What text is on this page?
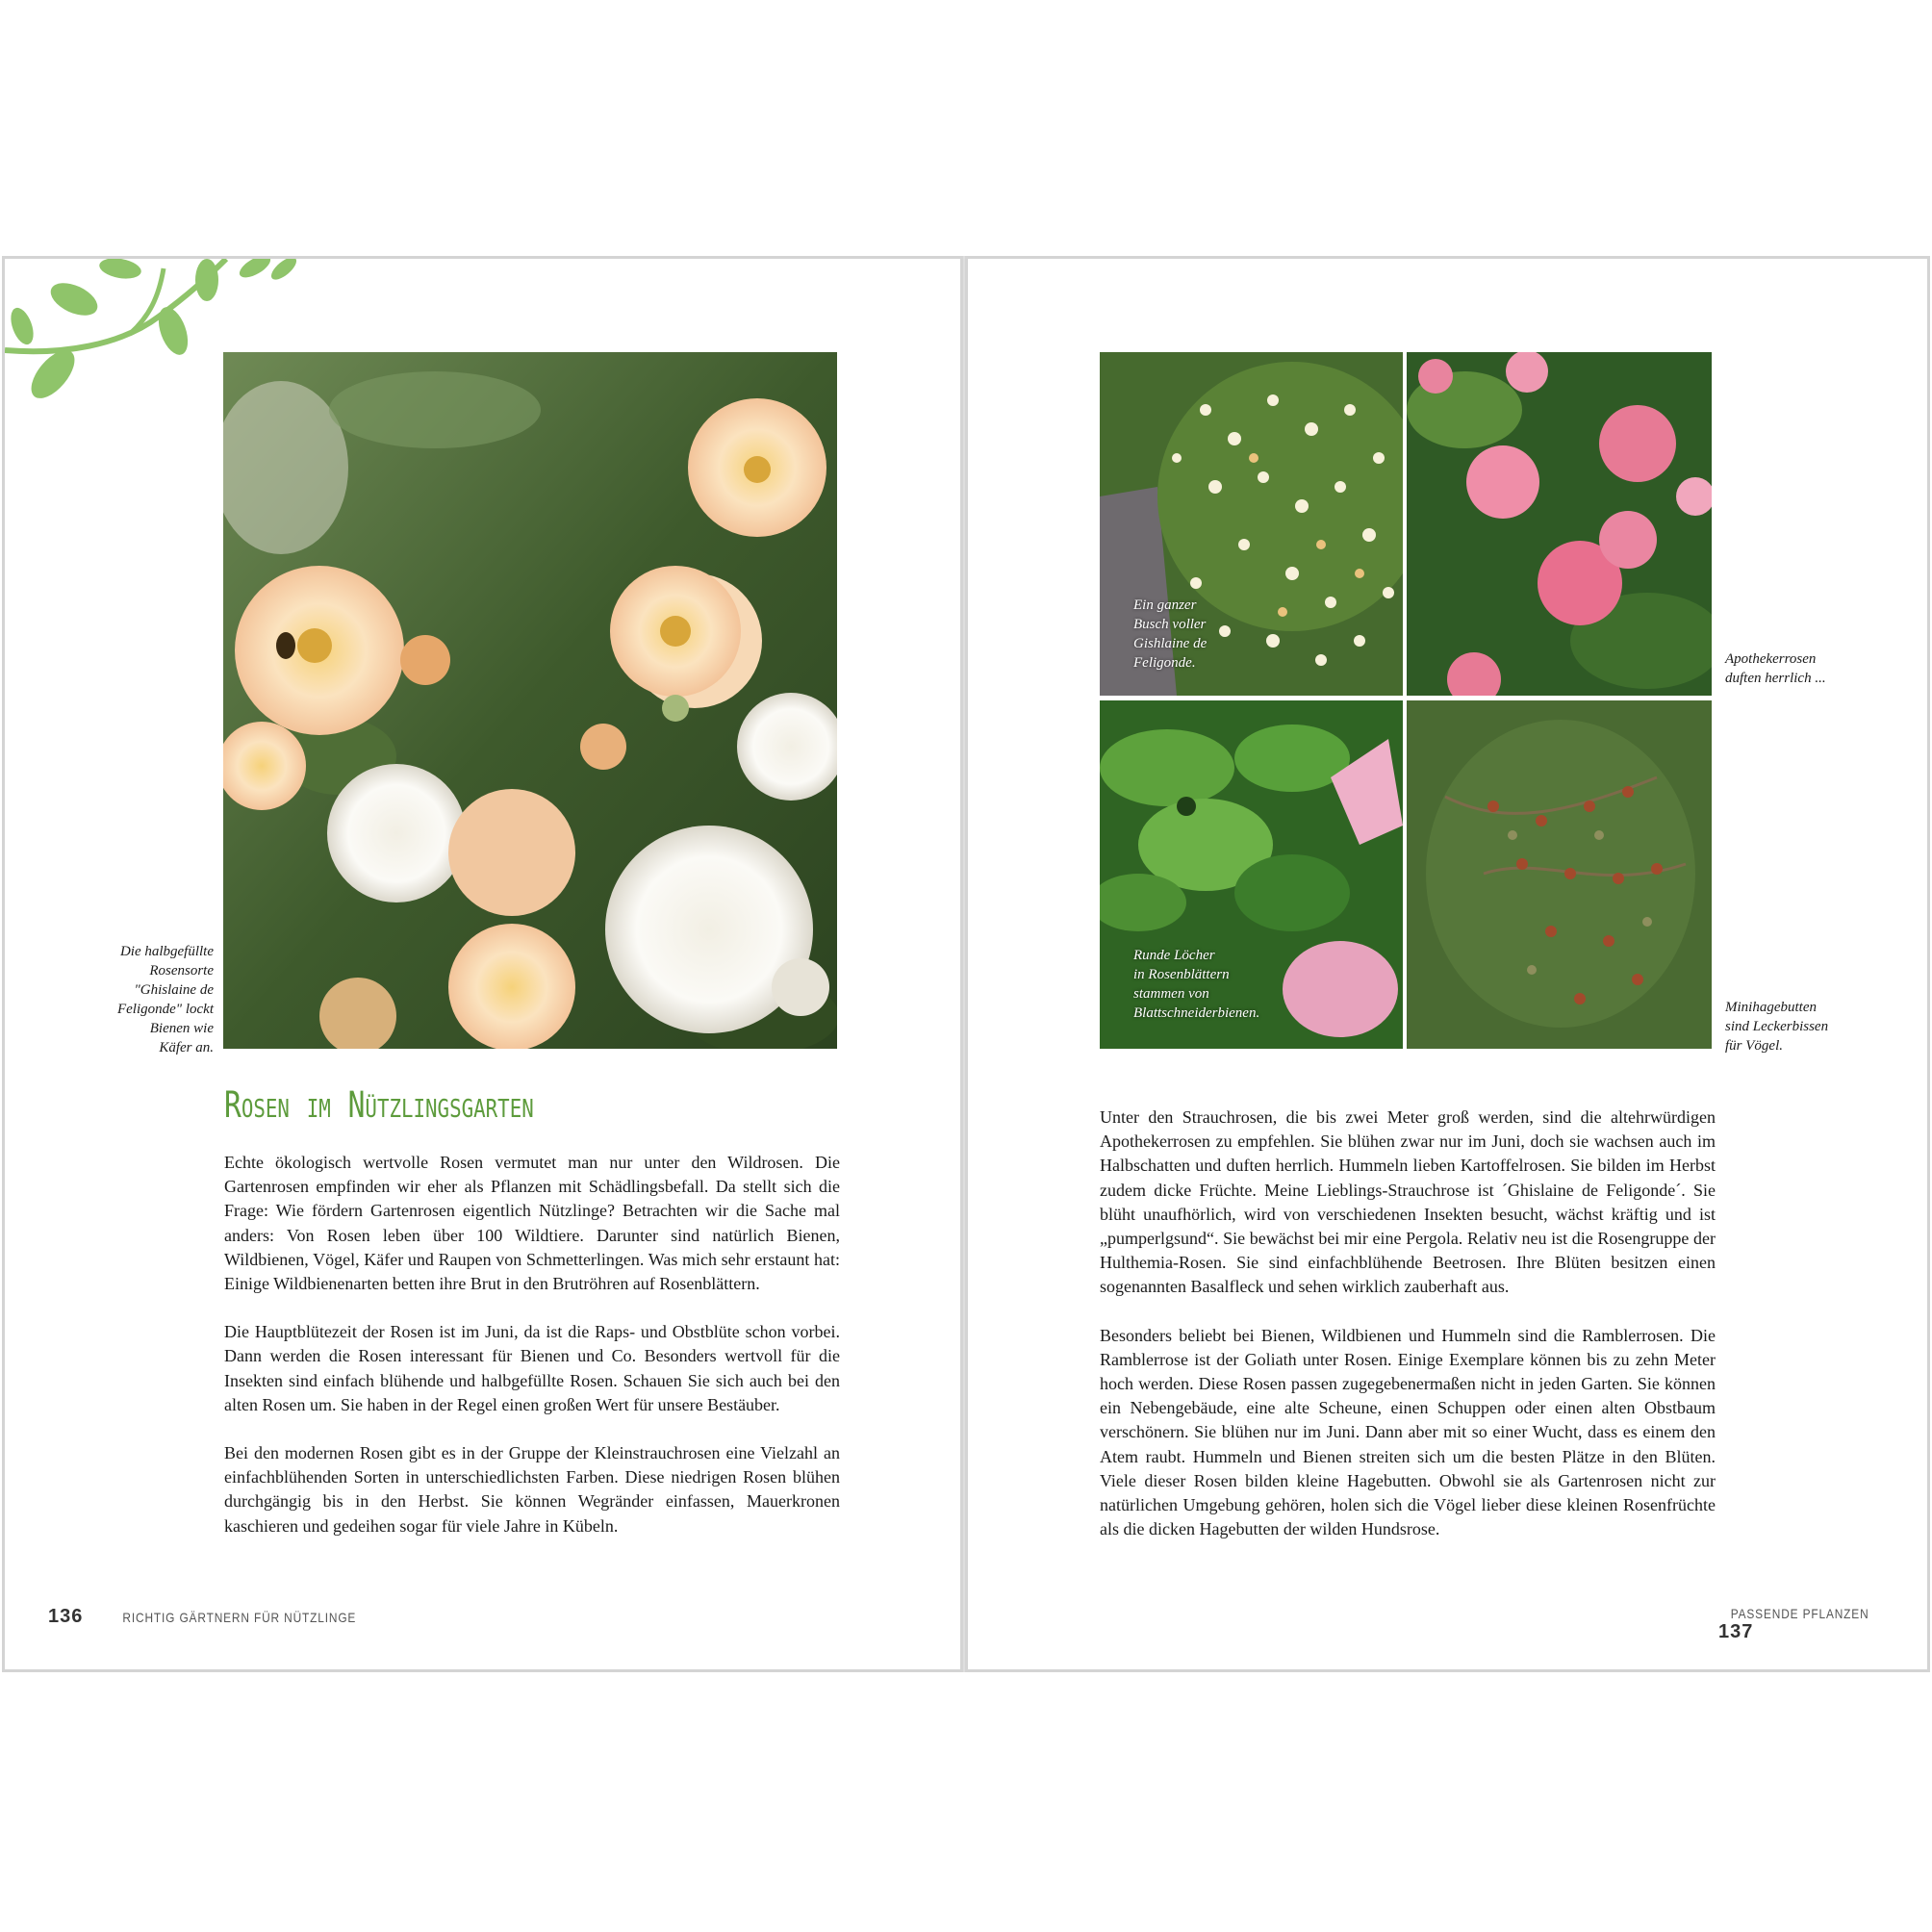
Die halbgefüllte
Rosensorte
"Ghislaine de
Feligonde" lockt
Bienen wie
Käfer an.
Rosen im Nützlingsgarten

Echte ökologisch wertvolle Rosen vermutet man nur unter den Wildrosen. Die Gartenrosen empfinden wir eher als Pflanzen mit Schädlingsbefall. Da stellt sich die Frage: Wie fördern Gartenrosen eigentlich Nützlinge? Betrachten wir die Sache mal anders: Von Rosen leben über 100 Wildtiere. Darunter sind natürlich Bienen, Wildbienen, Vögel, Käfer und Raupen von Schmetterlingen. Was mich sehr erstaunt hat: Einige Wildbienenarten betten ihre Brut in den Brutröhren auf Rosenblättern.

Die Hauptblütezeit der Rosen ist im Juni, da ist die Raps- und Obstblüte schon vorbei. Dann werden die Rosen interessant für Bienen und Co. Besonders wertvoll für die Insekten sind einfach blühende und halbgefüllte Rosen. Schauen Sie sich auch bei den alten Rosen um. Sie haben in der Regel einen großen Wert für unsere Bestäuber.

Bei den modernen Rosen gibt es in der Gruppe der Kleinstrauchrosen eine Vielzahl an einfachblühenden Sorten in unterschiedlichsten Farben. Diese niedrigen Rosen blühen durchgängig bis in den Herbst. Sie können Wegränder einfassen, Mauerkronen kaschieren und gedeihen sogar für viele Jahre in Kübeln.

136	RICHTIG GÄRTNERN FÜR NÜTZLINGE
Ein ganzer
Busch voller
Gishlaine de
Feligonde.	Apothekerrosen
duften herrlich ...
Runde Löcher
in Rosenblättern
stammen von
Blattschneiderbienen.	Minihagebutten
sind Leckerbissen
für Vögel.

Unter den Strauchrosen, die bis zwei Meter groß werden, sind die altehrwürdigen Apothekerrosen zu empfehlen. Sie blühen zwar nur im Juni, doch sie wachsen auch im Halbschatten und duften herrlich. Hummeln lieben Kartoffelrosen. Sie bilden im Herbst zudem dicke Früchte. Meine Lieblings-Strauchrose ist ´Ghislaine de Feligonde´. Sie blüht unaufhörlich, wird von verschiedenen Insekten besucht, wächst kräftig und ist „pumperlgsund“. Sie bewächst bei mir eine Pergola. Relativ neu ist die Rosengruppe der Hulthemia-Rosen. Sie sind einfachblühende Beetrosen. Ihre Blüten besitzen einen sogenannten Basalfleck und sehen wirklich zauberhaft aus.

Besonders beliebt bei Bienen, Wildbienen und Hummeln sind die Ramblerrosen. Die Ramblerrose ist der Goliath unter Rosen. Einige Exemplare können bis zu zehn Meter hoch werden. Diese Rosen passen zugegebenermaßen nicht in jeden Garten. Sie können ein Nebengebäude, eine alte Scheune, einen Schuppen oder einen alten Obstbaum verschönern. Sie blühen nur im Juni. Dann aber mit so einer Wucht, dass es einem den Atem raubt. Hummeln und Bienen streiten sich um die besten Plätze in den Blüten. Viele dieser Rosen bilden kleine Hagebutten. Obwohl sie als Gartenrosen nicht zur natürlichen Umgebung gehören, holen sich die Vögel lieber diese kleinen Rosenfrüchte als die dicken Hagebutten der wilden Hundsrose.

PASSENDE PFLANZEN    137
